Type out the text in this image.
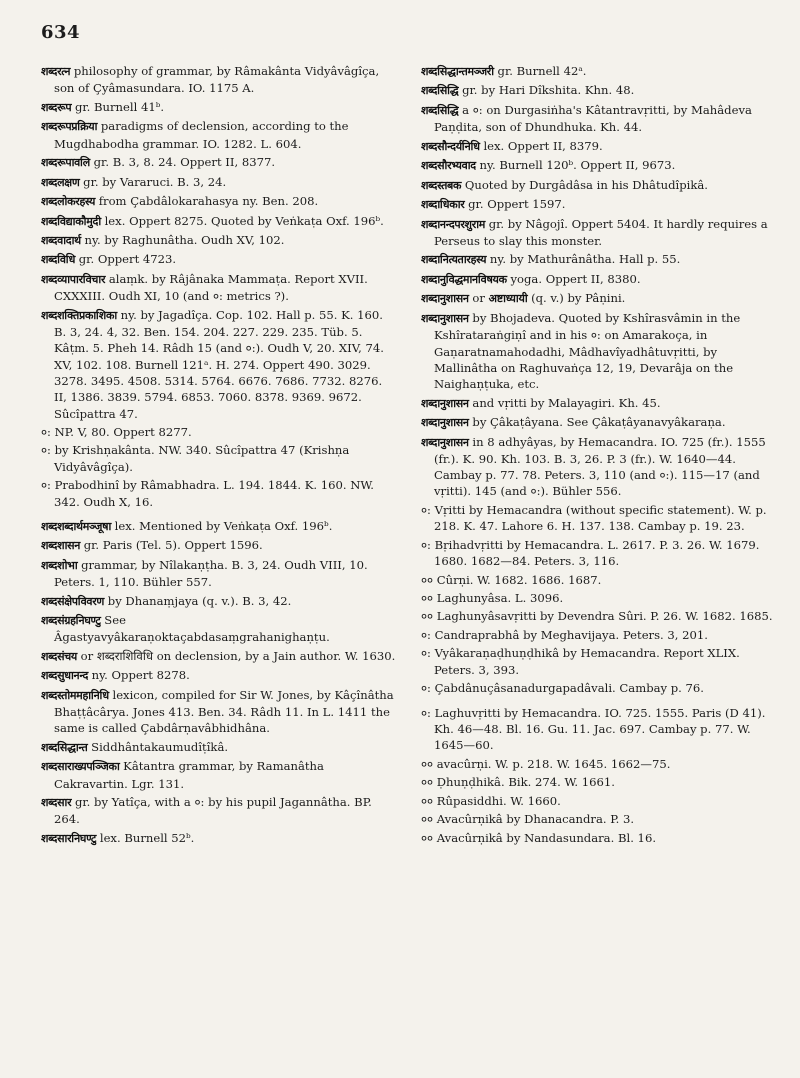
634

शब्दरत्न philosophy of grammar, by Râmakânta Vidyâvâgîça, son of Çyâmasundara. IO. 1175 A.

शब्दरूप gr. Burnell 41ᵇ.

शब्दरूपप्रक्रिया paradigms of declension, according to the Mugdhabodha grammar. IO. 1282. L. 604.

शब्दरूपावलि gr. B. 3, 8. 24. Oppert II, 8377.

शब्दलक्षण gr. by Vararuci. B. 3, 24.

शब्दलोकरहस्य from Çabdâlokarahasya ny. Ben. 208.

शब्दविद्याकौमुदी lex. Oppert 8275. Quoted by Veṅkaṭa Oxf. 196ᵇ.

शब्दवादार्थ ny. by Raghunâtha. Oudh XV, 102.

शब्दविधि gr. Oppert 4723.

शब्दव्यापारविचार alaṃk. by Râjânaka Mammaṭa. Report XVII. CXXXIII. Oudh XI, 10 (and ०: metrics ?).

शब्दशक्तिप्रकाशिका ny. by Jagadîça. Cop. 102. Hall p. 55. K. 160. B. 3, 24. 4, 32. Ben. 154. 204. 227. 229. 235. Tüb. 5. Kâṭm. 5. Pheh 14. Râdh 15 (and ०:). Oudh V, 20. XIV, 74. XV, 102. 108. Burnell 121ᵃ. H. 274. Oppert 490. 3029. 3278. 3495. 4508. 5314. 5764. 6676. 7686. 7732. 8276. II, 1386. 3839. 5794. 6853. 7060. 8378. 9369. 9672. Sûcîpattra 47.

०: NP. V, 80. Oppert 8277.

०: by Krishṇakânta. NW. 340. Sûcîpattra 47 (Krishṇa Vidyâvâgîça).

०: Prabodhinî by Râmabhadra. L. 194. 1844. K. 160. NW. 342. Oudh X, 16.

शब्दशब्दार्थमञ्जूषा lex. Mentioned by Veṅkaṭa Oxf. 196ᵇ.

शब्दशासन gr. Paris (Tel. 5). Oppert 1596.

शब्दशोभा grammar, by Nîlakaṇṭha. B. 3, 24. Oudh VIII, 10. Peters. 1, 110. Bühler 557.

शब्दसंक्षेपविवरण by Dhanaṃjaya (q. v.). B. 3, 42.

शब्दसंग्रहनिघण्टु See Âgastyavyâkaraṇoktaçabdasaṃgrahanighaṇṭu.

शब्दसंचय or शब्दराशिविधि on declension, by a Jain author. W. 1630.

शब्दसुधानन्द ny. Oppert 8278.

शब्दस्तोममहानिधि lexicon, compiled for Sir W. Jones, by Kâçînâtha Bhaṭṭâcârya. Jones 413. Ben. 34. Râdh 11. In L. 1411 the same is called Çabdârṇavâbhidhâna.

शब्दसिद्धान्त Siddhântakaumudîṭîkâ.

शब्दसाराख्यपञ्जिका Kâtantra grammar, by Ramanâtha Cakravartin. Lgr. 131.

शब्दसार gr. by Yatîça, with a ०: by his pupil Jagannâtha. BP. 264.

शब्दसारनिघण्टु lex. Burnell 52ᵇ.

शब्दसिद्धान्तमञ्जरी gr. Burnell 42ᵃ.

शब्दसिद्धि gr. by Hari Dîkshita. Khn. 48.

शब्दसिद्धि a ०: on Durgasiṅha's Kâtantravṛitti, by Mahâdeva Paṇḍita, son of Dhundhuka. Kh. 44.

शब्दसौन्दर्यनिधि lex. Oppert II, 8379.

शब्दसौरभ्यवाद ny. Burnell 120ᵇ. Oppert II, 9673.

शब्दस्तबक Quoted by Durgâdâsa in his Dhâtudîpikâ.

शब्दाधिकार gr. Oppert 1597.

शब्दानन्दपरशुराम gr. by Nâgojî. Oppert 5404. It hardly requires a Perseus to slay this monster.

शब्दानित्यतारहस्य ny. by Mathurânâtha. Hall p. 55.

शब्दानुविद्धमानविषयक yoga. Oppert II, 8380.

शब्दानुशासन or अष्टाध्यायी (q. v.) by Pâṇini.

शब्दानुशासन by Bhojadeva. Quoted by Kshîrasvâmin in the Kshîrataraṅgiṇî and in his ०: on Amarakoça, in Gaṇaratnamahodadhi, Mâdhavîyadhâtuvṛitti, by Mallinâtha on Raghuvaṅça 12, 19, Devarâja on the Naighaṇṭuka, etc.

शब्दानुशासन and vṛitti by Malayagiri. Kh. 45.

शब्दानुशासन by Çâkaṭâyana. See Çâkaṭâyanavyâkaraṇa.

शब्दानुशासन in 8 adhyâyas, by Hemacandra. IO. 725 (fr.). 1555 (fr.). K. 90. Kh. 103. B. 3, 26. P. 3 (fr.). W. 1640—44. Cambay p. 77. 78. Peters. 3, 110 (and ०:). 115—17 (and vṛitti). 145 (and ०:). Bühler 556.

०: Vṛitti by Hemacandra (without specific statement). W. p. 218. K. 47. Lahore 6. H. 137. 138. Cambay p. 19. 23.

०: Bṛihadvṛitti by Hemacandra. L. 2617. P. 3. 26. W. 1679. 1680. 1682—84. Peters. 3, 116.

०० Cûrṇi. W. 1682. 1686. 1687.

०० Laghunyâsa. L. 3096.

०० Laghunyâsavṛitti by Devendra Sûri. P. 26. W. 1682. 1685.

०: Candraprabhâ by Meghavijaya. Peters. 3, 201.

०: Vyâkaraṇaḍhuṇḍhikâ by Hemacandra. Report XLIX. Peters. 3, 393.

०: Çabdânuçâsanadurgapadâvali. Cambay p. 76.

०: Laghuvṛitti by Hemacandra. IO. 725. 1555. Paris (D 41). Kh. 46—48. Bl. 16. Gu. 11. Jac. 697. Cambay p. 77. W. 1645—60.

०० avacûrṇi. W. p. 218. W. 1645. 1662—75.

०० Ḍhuṇḍhikâ. Bik. 274. W. 1661.

०० Rûpasiddhi. W. 1660.

०० Avacûrṇikâ by Dhanacandra. P. 3.

०० Avacûrṇikâ by Nandasundara. Bl. 16.
